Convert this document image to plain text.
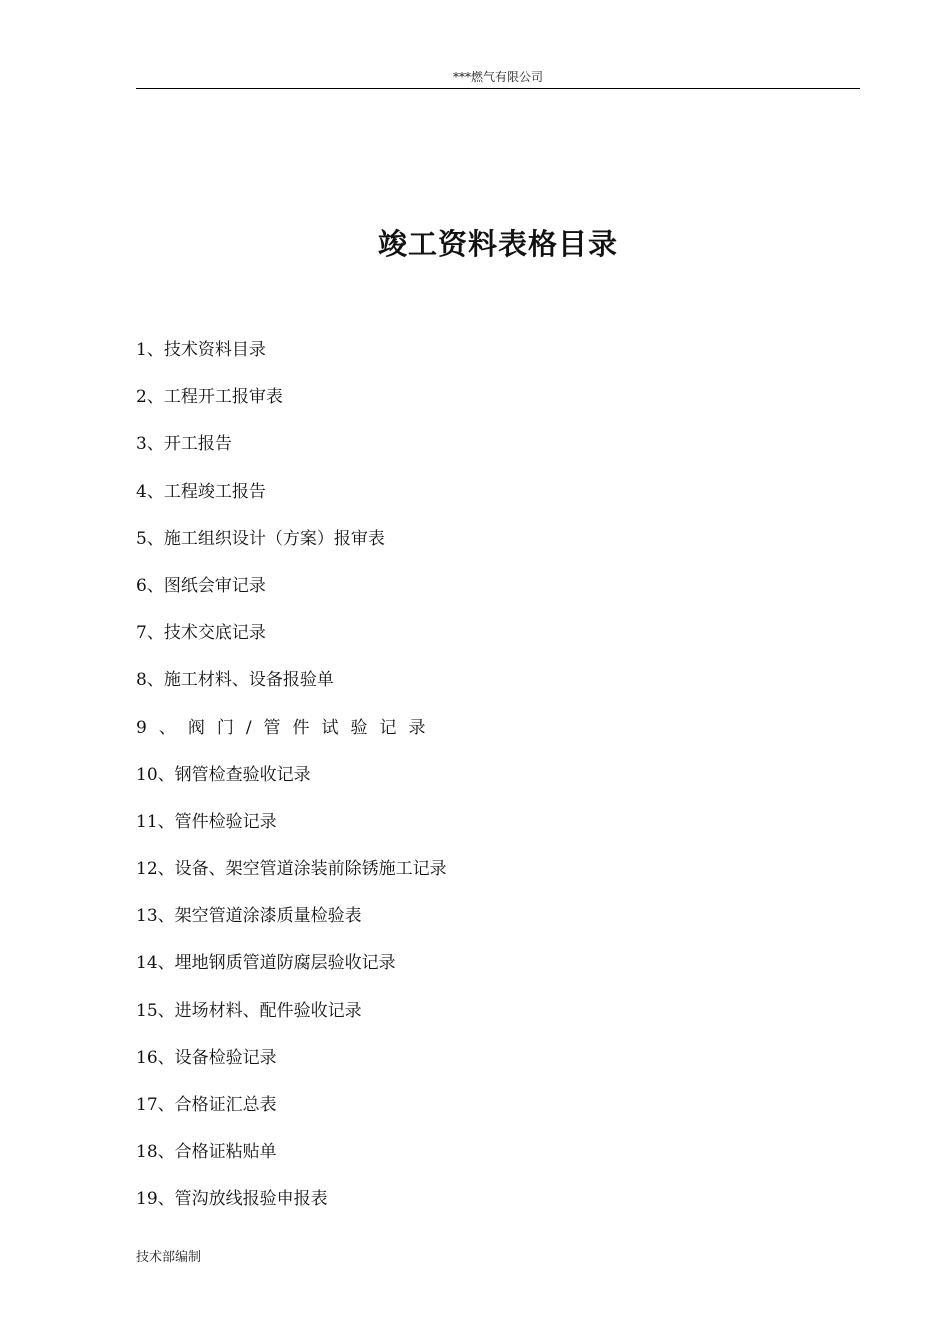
***燃气有限公司
竣工资料表格目录
1、技术资料目录
2、工程开工报审表
3、开工报告
4、工程竣工报告
5、施工组织设计（方案）报审表
6、图纸会审记录
7、技术交底记录
8、施工材料、设备报验单
9、阀门/管件试验记录
10、钢管检查验收记录
11、管件检验记录
12、设备、架空管道涂装前除锈施工记录
13、架空管道涂漆质量检验表
14、埋地钢质管道防腐层验收记录
15、进场材料、配件验收记录
16、设备检验记录
17、合格证汇总表
18、合格证粘贴单
19、管沟放线报验申报表
技术部编制
